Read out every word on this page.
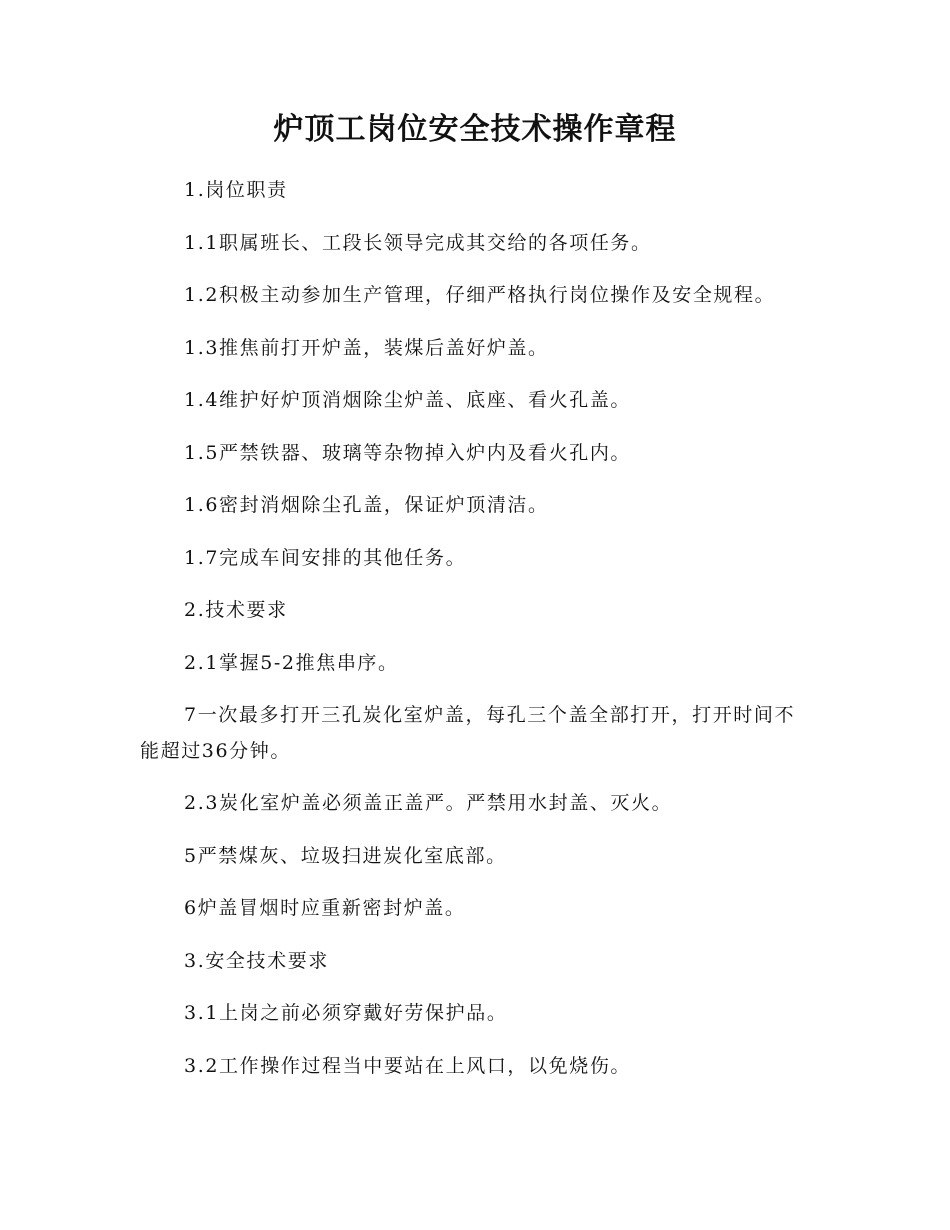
炉顶工岗位安全技术操作章程

1.岗位职责

1.1职属班长、工段长领导完成其交给的各项任务。

1.2积极主动参加生产管理，仔细严格执行岗位操作及安全规程。

1.3推焦前打开炉盖，装煤后盖好炉盖。

1.4维护好炉顶消烟除尘炉盖、底座、看火孔盖。

1.5严禁铁器、玻璃等杂物掉入炉内及看火孔内。

1.6密封消烟除尘孔盖，保证炉顶清洁。

1.7完成车间安排的其他任务。

2.技术要求

2.1掌握5-2推焦串序。

7一次最多打开三孔炭化室炉盖，每孔三个盖全部打开，打开时间不能超过36分钟。

2.3炭化室炉盖必须盖正盖严。严禁用水封盖、灭火。

5严禁煤灰、垃圾扫进炭化室底部。

6炉盖冒烟时应重新密封炉盖。

3.安全技术要求

3.1上岗之前必须穿戴好劳保护品。

3.2工作操作过程当中要站在上风口，以免烧伤。
